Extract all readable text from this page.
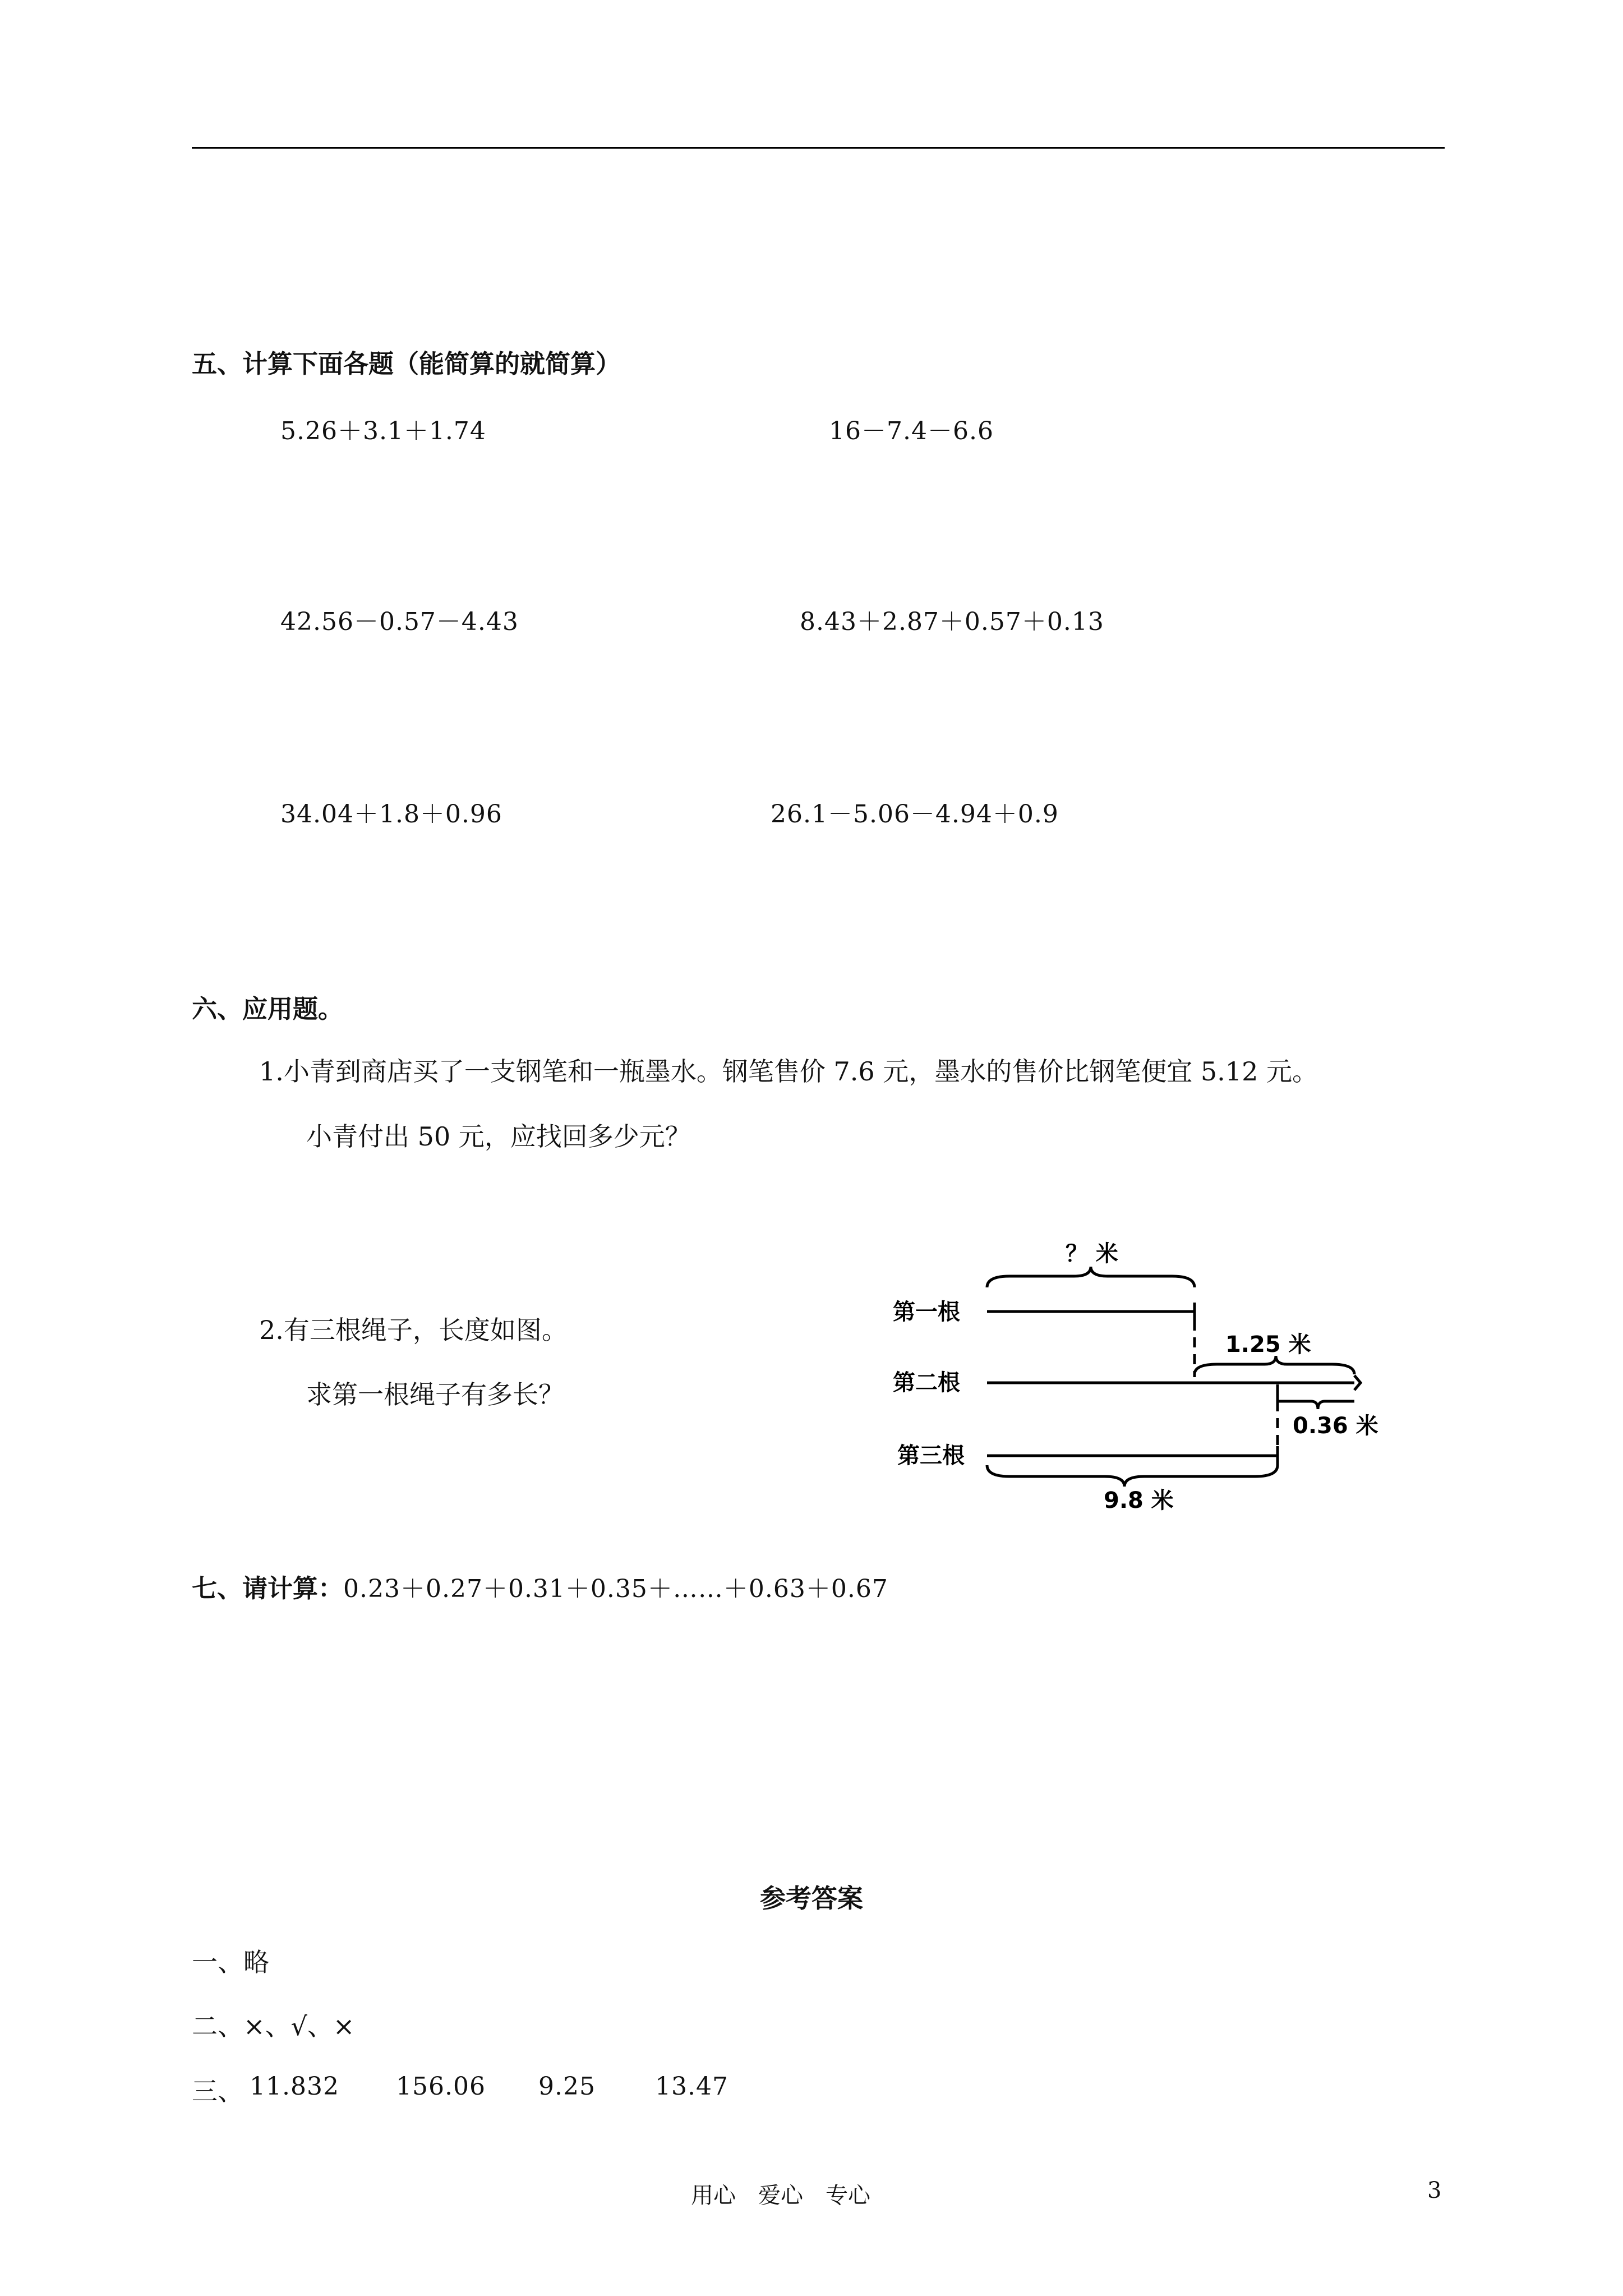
五、计算下面各题（能简算的就简算）
5.26＋3.1＋1.74	16－7.4－6.6
42.56－0.57－4.43	8.43＋2.87＋0.57＋0.13
34.04＋1.8＋0.96	26.1－5.06－4.94＋0.9
六、应用题。
1.小青到商店买了一支钢笔和一瓶墨水。钢笔售价 7.6 元，墨水的售价比钢笔便宜 5.12 元。
小青付出 50 元，应找回多少元？
2.有三根绳子，长度如图。
求第一根绳子有多长？
第一根
第二根
第三根
？ 米
1.25 米
0.36 米
9.8 米
七、请计算：0.23＋0.27＋0.31＋0.35＋……＋0.63＋0.67
参考答案
一、略
二、×、√、×
三、 11.832 156.06 9.25 13.47
用心　爱心　专心	3
